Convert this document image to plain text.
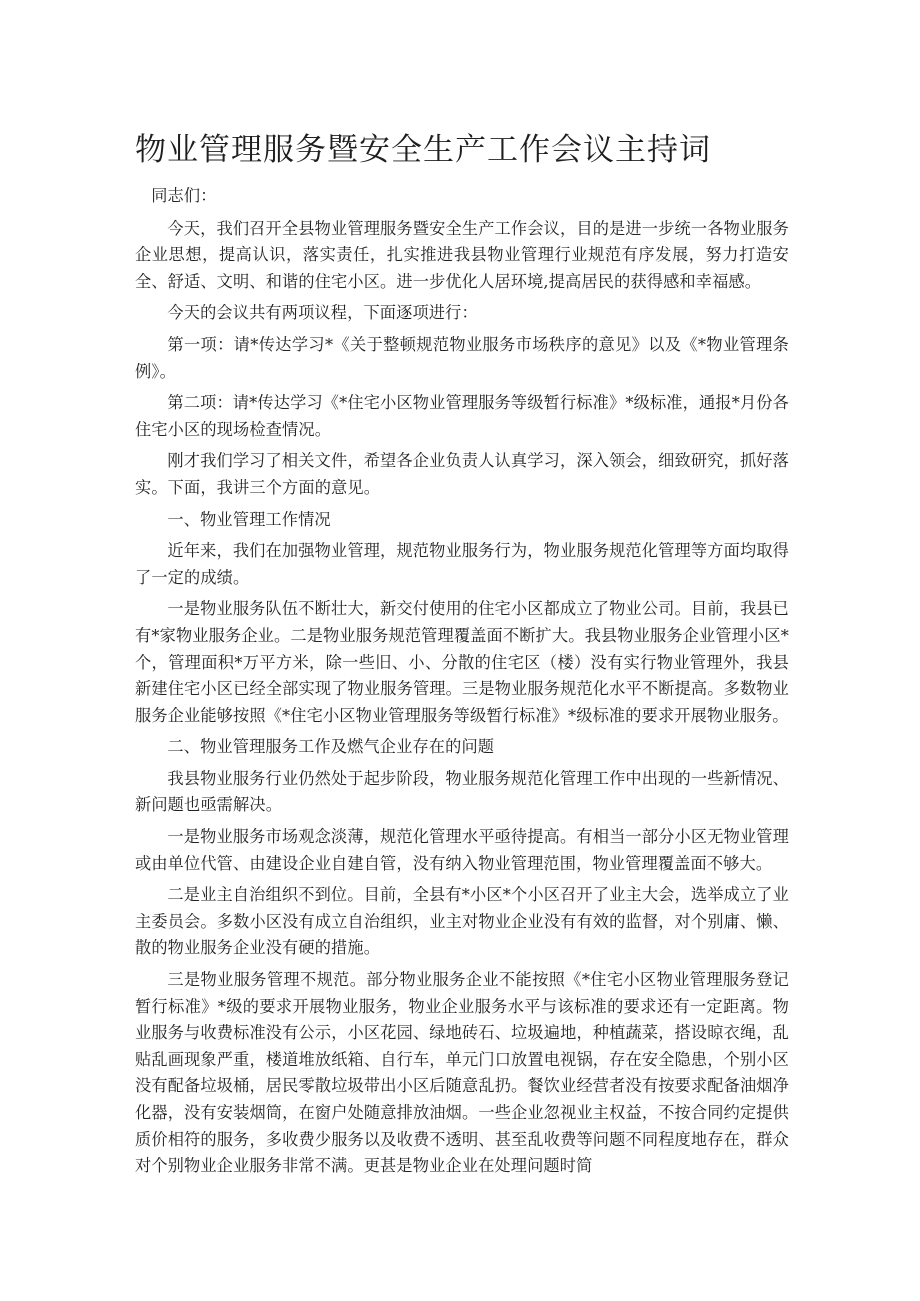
物业管理服务暨安全生产工作会议主持词

同志们：

今天，我们召开全县物业管理服务暨安全生产工作会议，目的是进一步统一各物业服务企业思想，提高认识，落实责任，扎实推进我县物业管理行业规范有序发展，努力打造安全、舒适、文明、和谐的住宅小区。进一步优化人居环境,提高居民的获得感和幸福感。

今天的会议共有两项议程，下面逐项进行：

第一项：请*传达学习*《关于整顿规范物业服务市场秩序的意见》以及《*物业管理条例》。

第二项：请*传达学习《*住宅小区物业管理服务等级暂行标准》*级标准，通报*月份各住宅小区的现场检查情况。

刚才我们学习了相关文件，希望各企业负责人认真学习，深入领会，细致研究，抓好落实。下面，我讲三个方面的意见。

一、物业管理工作情况

近年来，我们在加强物业管理，规范物业服务行为，物业服务规范化管理等方面均取得了一定的成绩。

一是物业服务队伍不断壮大，新交付使用的住宅小区都成立了物业公司。目前，我县已有*家物业服务企业。二是物业服务规范管理覆盖面不断扩大。我县物业服务企业管理小区*个，管理面积*万平方米，除一些旧、小、分散的住宅区（楼）没有实行物业管理外，我县新建住宅小区已经全部实现了物业服务管理。三是物业服务规范化水平不断提高。多数物业服务企业能够按照《*住宅小区物业管理服务等级暂行标准》*级标准的要求开展物业服务。

二、物业管理服务工作及燃气企业存在的问题

我县物业服务行业仍然处于起步阶段，物业服务规范化管理工作中出现的一些新情况、新问题也亟需解决。

一是物业服务市场观念淡薄，规范化管理水平亟待提高。有相当一部分小区无物业管理或由单位代管、由建设企业自建自管，没有纳入物业管理范围，物业管理覆盖面不够大。

二是业主自治组织不到位。目前，全县有*小区*个小区召开了业主大会，选举成立了业主委员会。多数小区没有成立自治组织，业主对物业企业没有有效的监督，对个别庸、懒、散的物业服务企业没有硬的措施。

三是物业服务管理不规范。部分物业服务企业不能按照《*住宅小区物业管理服务登记暂行标准》*级的要求开展物业服务，物业企业服务水平与该标准的要求还有一定距离。物业服务与收费标准没有公示，小区花园、绿地砖石、垃圾遍地，种植蔬菜，搭设晾衣绳，乱贴乱画现象严重，楼道堆放纸箱、自行车，单元门口放置电视锅，存在安全隐患，个别小区没有配备垃圾桶，居民零散垃圾带出小区后随意乱扔。餐饮业经营者没有按要求配备油烟净化器，没有安装烟筒，在窗户处随意排放油烟。一些企业忽视业主权益，不按合同约定提供质价相符的服务，多收费少服务以及收费不透明、甚至乱收费等问题不同程度地存在，群众对个别物业企业服务非常不满。更甚是物业企业在处理问题时简
